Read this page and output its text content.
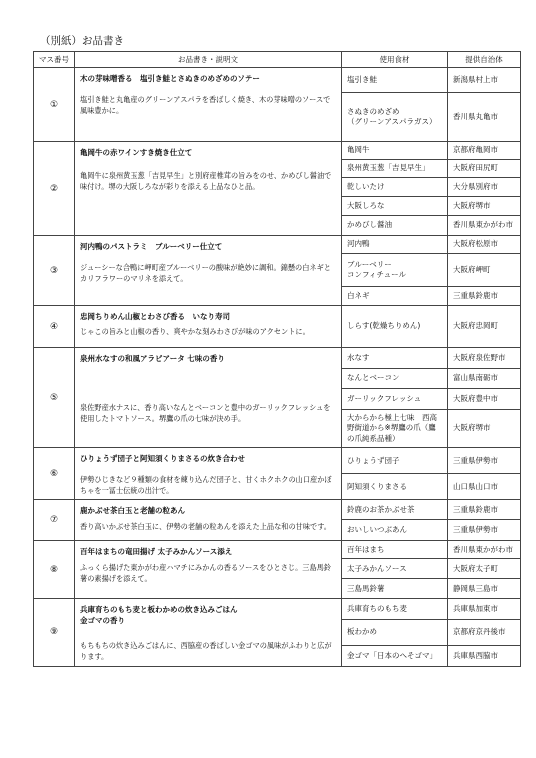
（別紙）お品書き
マス番号	お品書き・説明文	使用食材	提供自治体
①	木の芽味噌香る　塩引き鮭とさぬきのめざめのソテー
塩引き鮭と丸亀産のグリーンアスパラを香ばしく焼き、木の芽味噌のソースで風味豊かに。	塩引き鮭	新潟県村上市
		さぬきのめざめ
（グリーンアスパラガス）	香川県丸亀市
②	亀岡牛の赤ワインすき焼き仕立て
亀岡牛に泉州黄玉葱「吉見早生」と別府産椎茸の旨みをのせ、かめびし醤油で味付け。堺の大阪しろなが彩りを添える上品なひと品。	亀岡牛	京都府亀岡市
		泉州黄玉葱「吉見早生」	大阪府田尻町
		乾しいたけ	大分県別府市
		大阪しろな	大阪府堺市
		かめびし醤油	香川県東かがわ市
③	河内鴨のパストラミ　ブルーベリー仕立て
ジューシーな合鴨に岬町産ブルーベリーの酸味が絶妙に調和。錦懸の白ネギとカリフラワーのマリネを添えて。	河内鴨	大阪府松原市
		ブルーベリー
コンフィチュール	大阪府岬町
		白ネギ	三重県鈴鹿市
④	忠岡ちりめん山椒とわさび香る　いなり寿司
じゃこの旨みと山椒の香り、爽やかな刻みわさびが味のアクセントに。	しらす(乾燥ちりめん)	大阪府忠岡町
⑤	泉州水なすの和風アラビアータ 七味の香り
泉佐野産水ナスに、香り高いなんとベーコンと豊中のガーリックフレッシュを使用したトマトソース。堺鷹の爪の七味が決め手。	水なす	大阪府泉佐野市
		なんとベーコン	富山県南砺市
		ガーリックフレッシュ	大阪府豊中市
		大からから極上七味　西高野街道から※堺鷹の爪（鷹の爪純系品種）	大阪府堺市
⑥	ひりょうず団子と阿知須くりまさるの炊き合わせ
伊勢ひじきなど９種類の食材を練り込んだ団子と、甘くホクホクの山口産かぼちゃを一冨士伝統の出汁で。	ひりょうず団子	三重県伊勢市
		阿知須くりまさる	山口県山口市
⑦	鹿かぶせ茶白玉と老舗の粒あん
香り高いかぶせ茶白玉に、伊勢の老舗の粒あんを添えた上品な和の甘味です。	鈴鹿のお茶かぶせ茶	三重県鈴鹿市
		おいしいつぶあん	三重県伊勢市
⑧	百年はまちの竜田揚げ 太子みかんソース添え
ふっくら揚げた東かがわ産ハマチにみかんの香るソースをひとさじ。三島馬鈴薯の素揚げを添えて。	百年はまち	香川県東かがわ市
		太子みかんソース	大阪府太子町
		三島馬鈴薯	静岡県三島市
⑨	兵庫育ちのもち麦と板わかめの炊き込みごはん
金ゴマの香り
もちもちの炊き込みごはんに、西脇産の香ばしい金ゴマの風味がふわりと広がります。	兵庫育ちのもち麦	兵庫県加東市
		板わかめ	京都府京丹後市
		金ゴマ「日本のへそゴマ」	兵庫県西脇市
